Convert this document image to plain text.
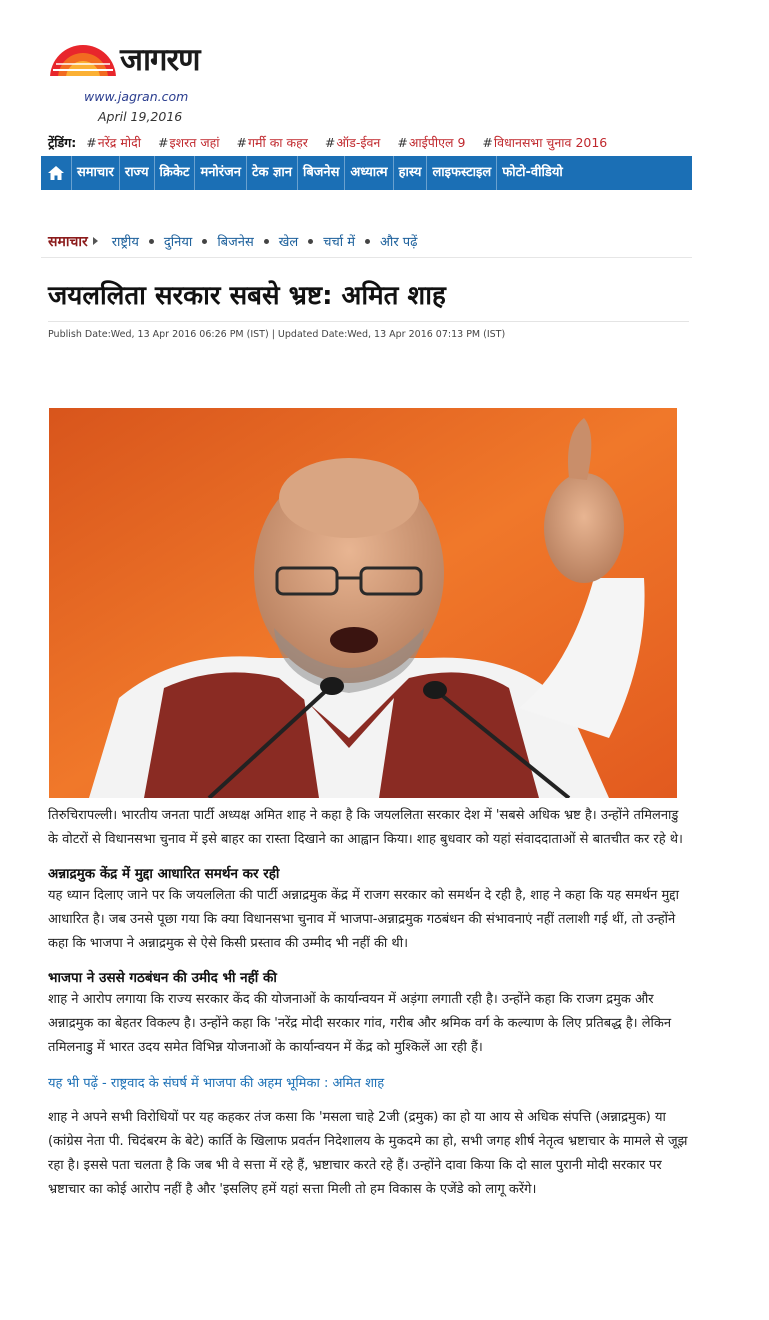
जागरण
www.jagran.com
April 19,2016
ट्रेंडिंग: #नरेंद्र मोदी #इशरत जहां #गर्मी का कहर #ऑड-ईवन #आईपीएल 9 #विधानसभा चुनाव 2016
समाचार राज्य क्रिकेट मनोरंजन टेक ज्ञान बिजनेस अध्यात्म हास्य लाइफस्टाइल फोटो-वीडियो
समाचार राष्ट्रीय दुनिया बिजनेस खेल चर्चा में और पढ़ें
जयललिता सरकार सबसे भ्रष्ट: अमित शाह
Publish Date:Wed, 13 Apr 2016 06:26 PM (IST) | Updated Date:Wed, 13 Apr 2016 07:13 PM (IST)

तिरुचिरापल्ली। भारतीय जनता पार्टी अध्यक्ष अमित शाह ने कहा है कि जयललिता सरकार देश में 'सबसे अधिक भ्रष्ट है। उन्होंने तमिलनाडु के वोटरों से विधानसभा चुनाव में इसे बाहर का रास्ता दिखाने का आह्वान किया। शाह बुधवार को यहां संवाददाताओं से बातचीत कर रहे थे।

अन्नाद्रमुक केंद्र में मुद्दा आधारित समर्थन कर रही

यह ध्यान दिलाए जाने पर कि जयललिता की पार्टी अन्नाद्रमुक केंद्र में राजग सरकार को समर्थन दे रही है, शाह ने कहा कि यह समर्थन मुद्दा आधारित है। जब उनसे पूछा गया कि क्या विधानसभा चुनाव में भाजपा-अन्नाद्रमुक गठबंधन की संभावनाएं नहीं तलाशी गई थीं, तो उन्होंने कहा कि भाजपा ने अन्नाद्रमुक से ऐसे किसी प्रस्ताव की उम्मीद भी नहीं की थी।

भाजपा ने उससे गठबंधन की उमीद भी नहीं की

शाह ने आरोप लगाया कि राज्य सरकार केंद की योजनाओं के कार्यान्वयन में अड़ंगा लगाती रही है। उन्होंने कहा कि राजग द्रमुक और अन्नाद्रमुक का बेहतर विकल्प है। उन्होंने कहा कि 'नरेंद्र मोदी सरकार गांव, गरीब और श्रमिक वर्ग के कल्याण के लिए प्रतिबद्ध है। लेकिन तमिलनाडु में भारत उदय समेत विभिन्न योजनाओं के कार्यान्वयन में केंद्र को मुश्किलें आ रही हैं।

यह भी पढ़ें - राष्ट्रवाद के संघर्ष में भाजपा की अहम भूमिका : अमित शाह

शाह ने अपने सभी विरोधियों पर यह कहकर तंज कसा कि 'मसला चाहे 2जी (द्रमुक) का हो या आय से अधिक संपत्ति (अन्नाद्रमुक) या (कांग्रेस नेता पी. चिदंबरम के बेटे) कार्ति के खिलाफ प्रवर्तन निदेशालय के मुकदमे का हो, सभी जगह शीर्ष नेतृत्व भ्रष्टाचार के मामले से जूझ रहा है। इससे पता चलता है कि जब भी वे सत्ता में रहे हैं, भ्रष्टाचार करते रहे हैं। उन्होंने दावा किया कि दो साल पुरानी मोदी सरकार पर भ्रष्टाचार का कोई आरोप नहीं है और 'इसलिए हमें यहां सत्ता मिली तो हम विकास के एजेंडे को लागू करेंगे।
